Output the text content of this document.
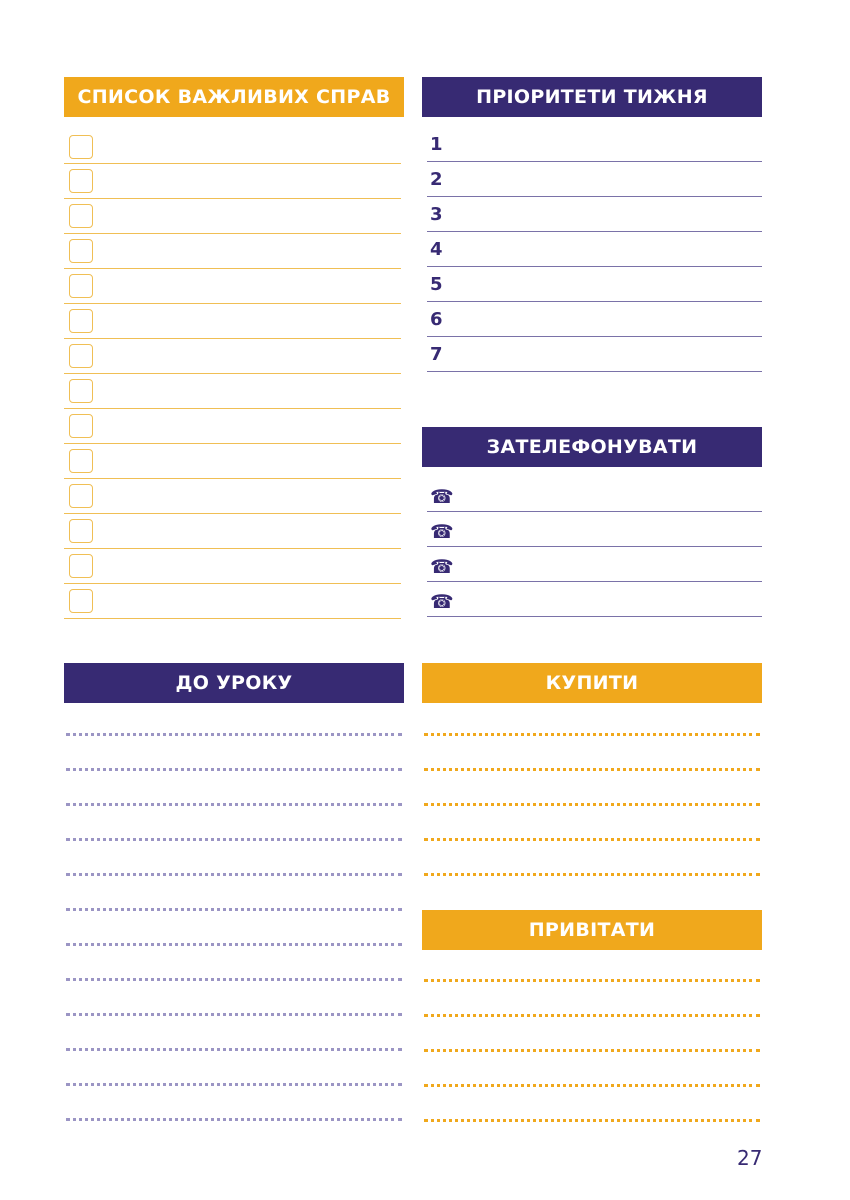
СПИСОК ВАЖЛИВИХ СПРАВ	ПРІОРИТЕТИ ТИЖНЯ
ЗАТЕЛЕФОНУВАТИ
ДО УРОКУ	КУПИТИ
ПРИВІТАТИ
1
2
3
4
5
6
7
☎
☎
☎
☎
27
